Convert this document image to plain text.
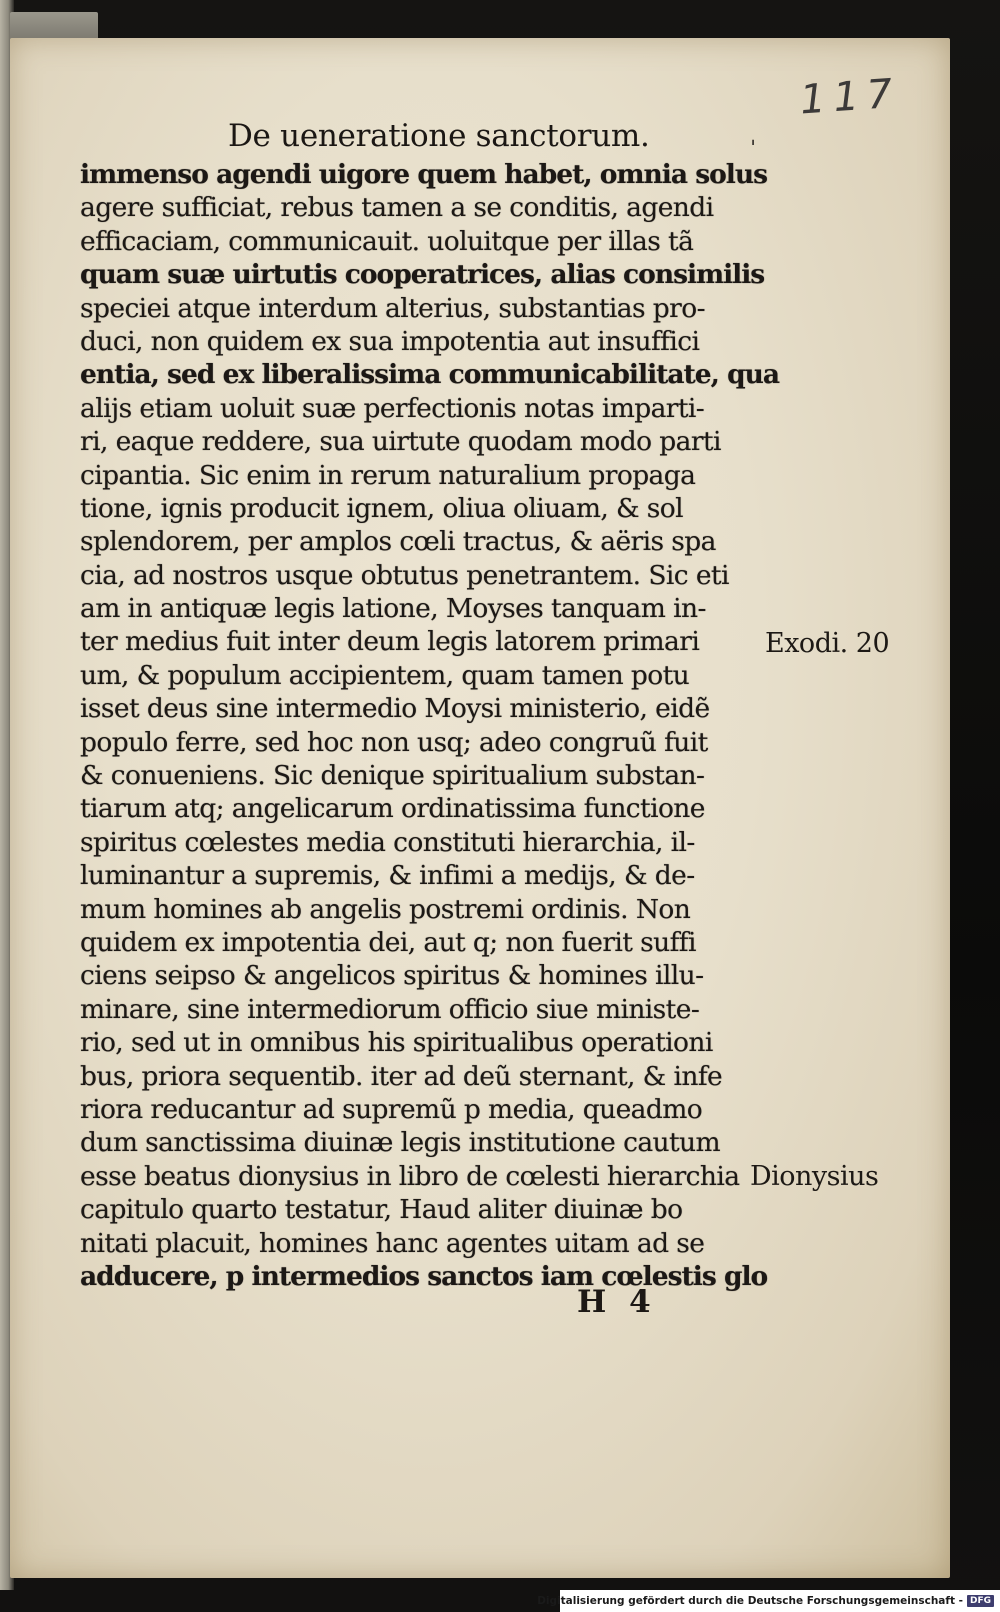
117
ˈ
De ueneratione sanctorum.
immenso agendi uigore quem habet, omnia solus
agere sufficiat, rebus tamen a se conditis, agendi
efficaciam, communicauit. uoluitque per illas tã
quam suæ uirtutis cooperatrices, alias consimilis
speciei atque interdum alterius, substantias pro-
duci, non quidem ex sua impotentia aut insuffici
entia, sed ex liberalissima communicabilitate, qua
alijs etiam uoluit suæ perfectionis notas imparti-
ri, eaque reddere, sua uirtute quodam modo parti
cipantia. Sic enim in rerum naturalium propaga
tione, ignis producit ignem, oliua oliuam, & sol
splendorem, per amplos cœli tractus, & aëris spa
cia, ad nostros usque obtutus penetrantem. Sic eti
am in antiquæ legis latione, Moyses tanquam in-
ter medius fuit inter deum legis latorem primari
um, & populum accipientem, quam tamen potu
isset deus sine intermedio Moysi ministerio, eidẽ
populo ferre, sed hoc non usq; adeo congruũ fuit
& conueniens. Sic denique spiritualium substan-
tiarum atq; angelicarum ordinatissima functione
spiritus cœlestes media constituti hierarchia, il-
luminantur a supremis, & infimi a medijs, & de-
mum homines ab angelis postremi ordinis. Non
quidem ex impotentia dei, aut q; non fuerit suffi
ciens seipso & angelicos spiritus & homines illu-
minare, sine intermediorum officio siue ministe-
rio, sed ut in omnibus his spiritualibus operationi
bus, priora sequentib. iter ad deũ sternant, & infe
riora reducantur ad supremũ p media, queadmo
dum sanctissima diuinæ legis institutione cautum
esse beatus dionysius in libro de cœlesti hierarchia
capitulo quarto testatur, Haud aliter diuinæ bo
nitati placuit, homines hanc agentes uitam ad se
adducere, p intermedios sanctos iam cœlestis glo
Exodi. 20
Dionysius
H 4
Digitalisierung gefördert durch die Deutsche Forschungsgemeinschaft - DFG
